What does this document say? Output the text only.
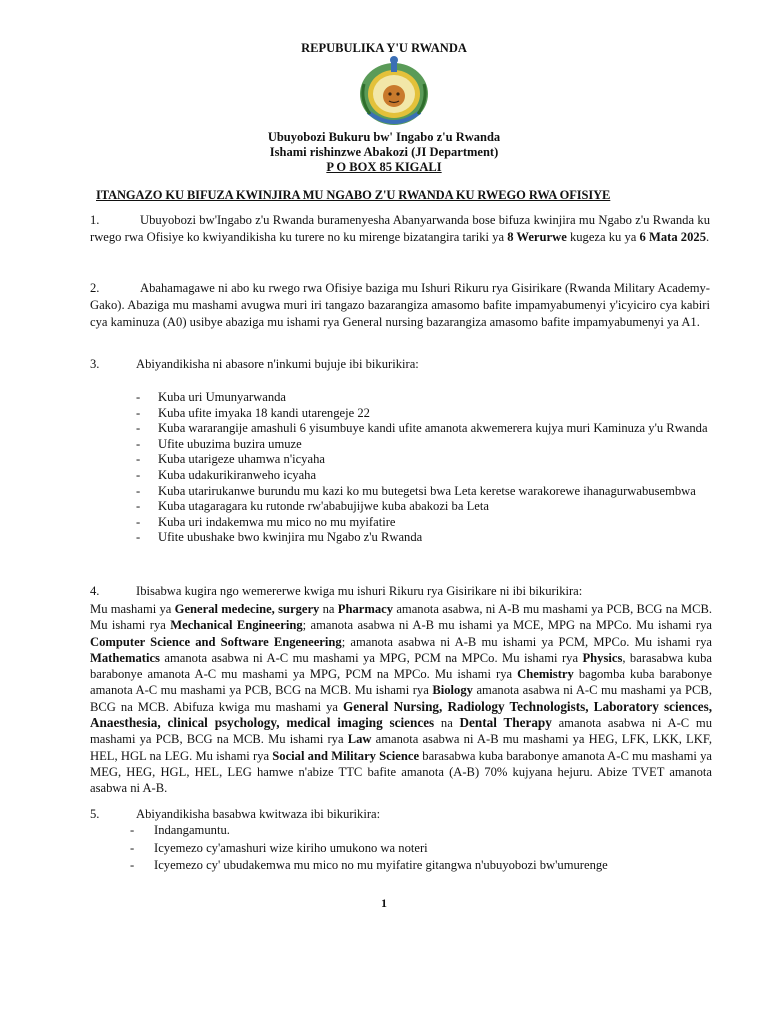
REPUBULIKA Y'U RWANDA
Ubuyobozi Bukuru bw' Ingabo z'u Rwanda
Ishami rishinzwe Abakozi (JI Department)
P O BOX 85 KIGALI
ITANGAZO KU BIFUZA KWINJIRA MU NGABO Z'U RWANDA KU RWEGO RWA OFISIYE
1.	Ubuyobozi bw'Ingabo z'u Rwanda buramenyesha Abanyarwanda bose bifuza kwinjira mu Ngabo z'u Rwanda ku rwego rwa Ofisiye ko kwiyandikisha ku turere no ku mirenge bizatangira tariki ya 8 Werurwe kugeza ku ya 6 Mata 2025.
2.	Abahamagawe ni abo ku rwego rwa Ofisiye baziga mu Ishuri Rikuru rya Gisirikare (Rwanda Military Academy-Gako). Abaziga mu mashami avugwa muri iri tangazo bazarangiza amasomo bafite impamyabumenyi y'icyiciro cya kabiri cya kaminuza (A0) usibye abaziga mu ishami rya General nursing bazarangiza amasomo bafite impamyabumenyi ya A1.
3.	Abiyandikisha ni abasore n'inkumi bujuje ibi bikurikira:
- Kuba uri Umunyarwanda
- Kuba ufite imyaka 18 kandi utarengeje 22
- Kuba wararangije amashuli 6 yisumbuye kandi ufite amanota akwemerera kujya muri Kaminuza y'u Rwanda
- Ufite ubuzima buzira umuze
- Kuba utarigeze uhamwa n'icyaha
- Kuba udakurikiranweho icyaha
- Kuba utarirukanwe burundu mu kazi ko mu butegetsi bwa Leta keretse warakorewe ihanagurwabusembwa
- Kuba utagaragara ku rutonde rw'ababujijwe kuba abakozi ba Leta
- Kuba uri indakemwa mu mico no mu myifatire
- Ufite ubushake bwo kwinjira mu Ngabo z'u Rwanda
4.	Ibisabwa kugira ngo wemererwe kwiga mu ishuri Rikuru rya Gisirikare ni ibi bikurikira:
Mu mashami ya General medecine, surgery na Pharmacy amanota asabwa, ni A-B mu mashami ya PCB, BCG na MCB. Mu ishami rya Mechanical Engineering; amanota asabwa ni A-B mu ishami ya MCE, MPG na MPCo. Mu ishami rya Computer Science and Software Engeneering; amanota asabwa ni A-B mu ishami ya PCM, MPCo. Mu ishami rya Mathematics amanota asabwa ni A-C mu mashami ya MPG, PCM na MPCo. Mu ishami rya Physics, barasabwa kuba barabonye amanota A-C mu mashami ya MPG, PCM na MPCo. Mu ishami rya Chemistry bagomba kuba barabonye amanota A-C mu mashami ya PCB, BCG na MCB. Mu ishami rya Biology amanota asabwa ni A-C mu mashami ya PCB, BCG na MCB. Abifuza kwiga mu mashami ya General Nursing, Radiology Technologists, Laboratory sciences, Anaesthesia, clinical psychology, medical imaging sciences na Dental Therapy amanota asabwa ni A-C mu mashami ya PCB, BCG na MCB. Mu ishami rya Law amanota asabwa ni A-B mu mashami ya HEG, LFK, LKK, LKF, HEL, HGL na LEG. Mu ishami rya Social and Military Science barasabwa kuba barabonye amanota A-C mu mashami ya MEG, HEG, HGL, HEL, LEG hamwe n'abize TTC bafite amanota (A-B) 70% kujyana hejuru. Abize TVET amanota asabwa ni A-B.
5.	Abiyandikisha basabwa kwitwaza ibi bikurikira:
- Indangamuntu.
- Icyemezo cy'amashuri wize kiriho umukono wa noteri
- Icyemezo cy' ubudakemwa mu mico no mu myifatire gitangwa n'ubuyobozi bw'umurenge
1
